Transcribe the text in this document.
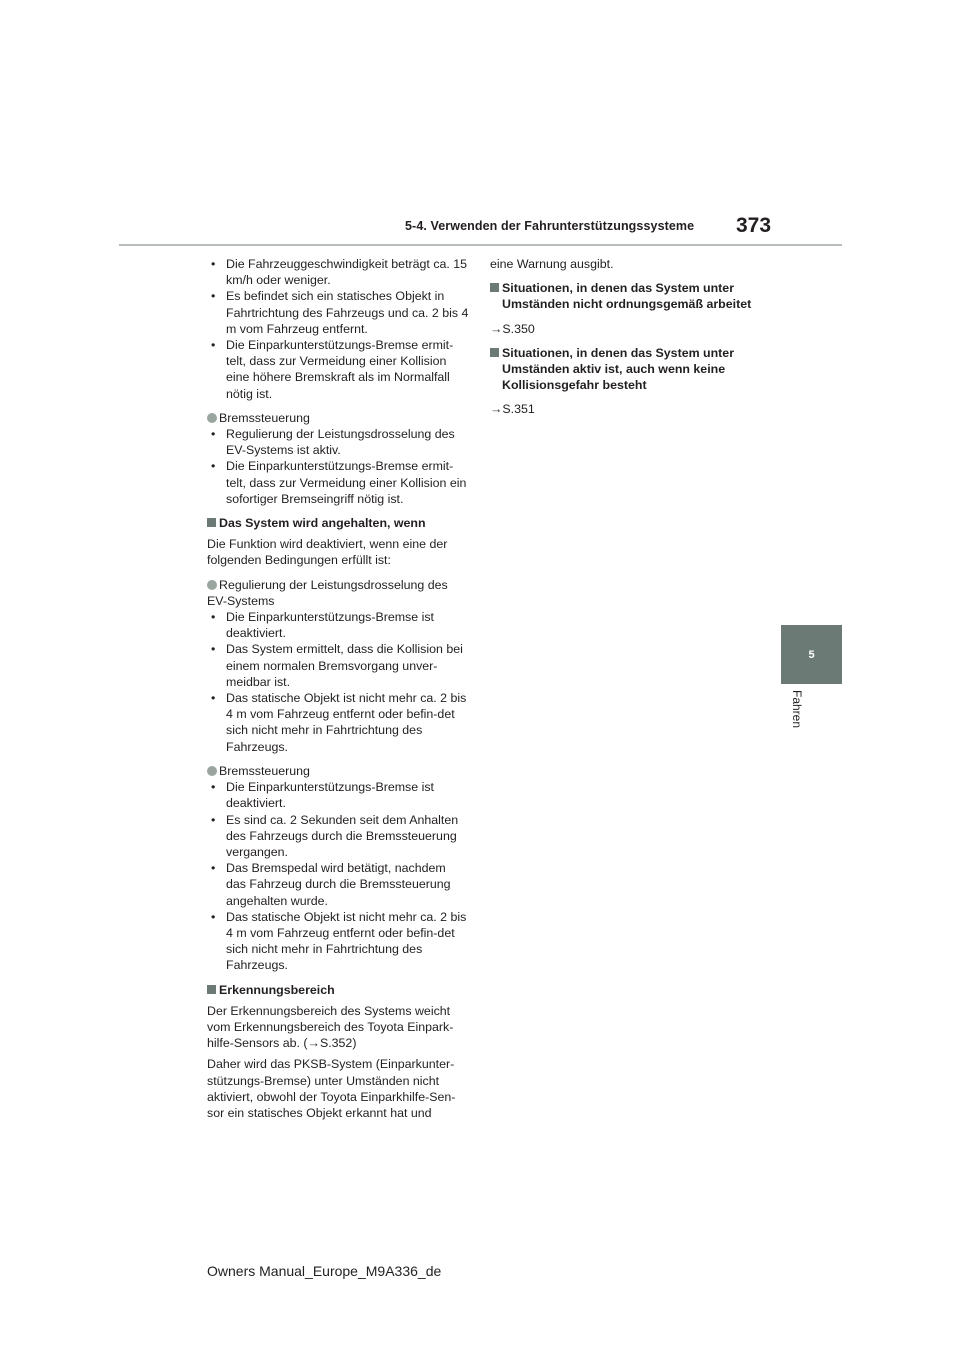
5-4. Verwenden der Fahrunterstützungssysteme 373
5
Fahren
• Die Fahrzeuggeschwindigkeit beträgt ca. 15 km/h oder weniger.
• Es befindet sich ein statisches Objekt in Fahrtrichtung des Fahrzeugs und ca. 2 bis 4 m vom Fahrzeug entfernt.
• Die Einparkunterstützungs-Bremse ermit-telt, dass zur Vermeidung einer Kollision eine höhere Bremskraft als im Normalfall nötig ist.
Bremssteuerung
• Regulierung der Leistungsdrosselung des EV-Systems ist aktiv.
• Die Einparkunterstützungs-Bremse ermit-telt, dass zur Vermeidung einer Kollision ein sofortiger Bremseingriff nötig ist.
Das System wird angehalten, wenn
Die Funktion wird deaktiviert, wenn eine der folgenden Bedingungen erfüllt ist:
Regulierung der Leistungsdrosselung des EV-Systems
• Die Einparkunterstützungs-Bremse ist deaktiviert.
• Das System ermittelt, dass die Kollision bei einem normalen Bremsvorgang unver-meidbar ist.
• Das statische Objekt ist nicht mehr ca. 2 bis 4 m vom Fahrzeug entfernt oder befin-det sich nicht mehr in Fahrtrichtung des Fahrzeugs.
Bremssteuerung
• Die Einparkunterstützungs-Bremse ist deaktiviert.
• Es sind ca. 2 Sekunden seit dem Anhalten des Fahrzeugs durch die Bremssteuerung vergangen.
• Das Bremspedal wird betätigt, nachdem das Fahrzeug durch die Bremssteuerung angehalten wurde.
• Das statische Objekt ist nicht mehr ca. 2 bis 4 m vom Fahrzeug entfernt oder befin-det sich nicht mehr in Fahrtrichtung des Fahrzeugs.
Erkennungsbereich
Der Erkennungsbereich des Systems weicht vom Erkennungsbereich des Toyota Einpark-hilfe-Sensors ab. (→S.352)
Daher wird das PKSB-System (Einparkunter-stützungs-Bremse) unter Umständen nicht aktiviert, obwohl der Toyota Einparkhilfe-Sen-sor ein statisches Objekt erkannt hat und
eine Warnung ausgibt.
Situationen, in denen das System unter Umständen nicht ordnungsgemäß arbeitet
→S.350
Situationen, in denen das System unter Umständen aktiv ist, auch wenn keine Kollisionsgefahr besteht
→S.351
Owners Manual_Europe_M9A336_de
